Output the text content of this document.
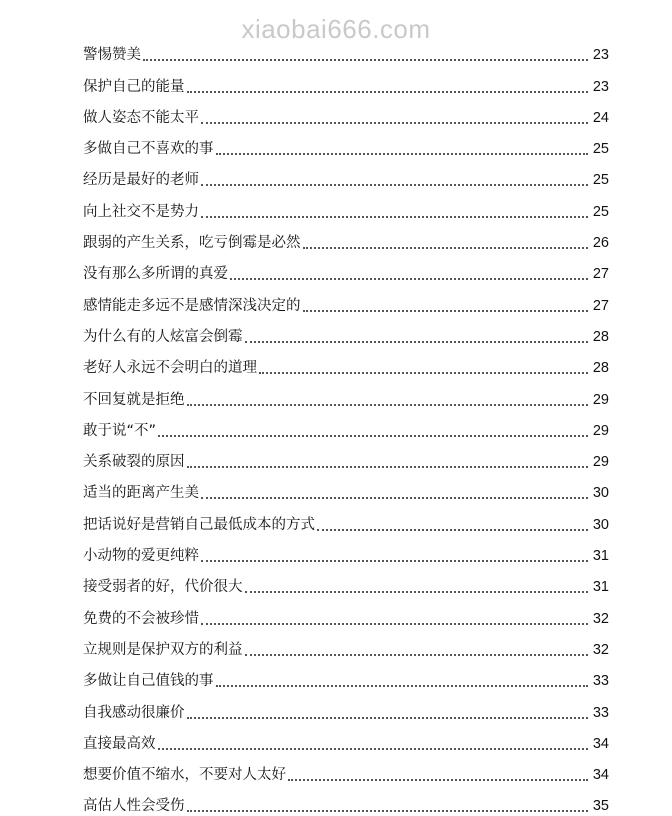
xiaobai666.com
警惕赞美	23
保护自己的能量	23
做人姿态不能太平	24
多做自己不喜欢的事	25
经历是最好的老师	25
向上社交不是势力	25
跟弱的产生关系，吃亏倒霉是必然	26
没有那么多所谓的真爱	27
感情能走多远不是感情深浅决定的	27
为什么有的人炫富会倒霉	28
老好人永远不会明白的道理	28
不回复就是拒绝	29
敢于说“不”	29
关系破裂的原因	29
适当的距离产生美	30
把话说好是营销自己最低成本的方式	30
小动物的爱更纯粹	31
接受弱者的好，代价很大	31
免费的不会被珍惜	32
立规则是保护双方的利益	32
多做让自己值钱的事	33
自我感动很廉价	33
直接最高效	34
想要价值不缩水，不要对人太好	34
高估人性会受伤	35
